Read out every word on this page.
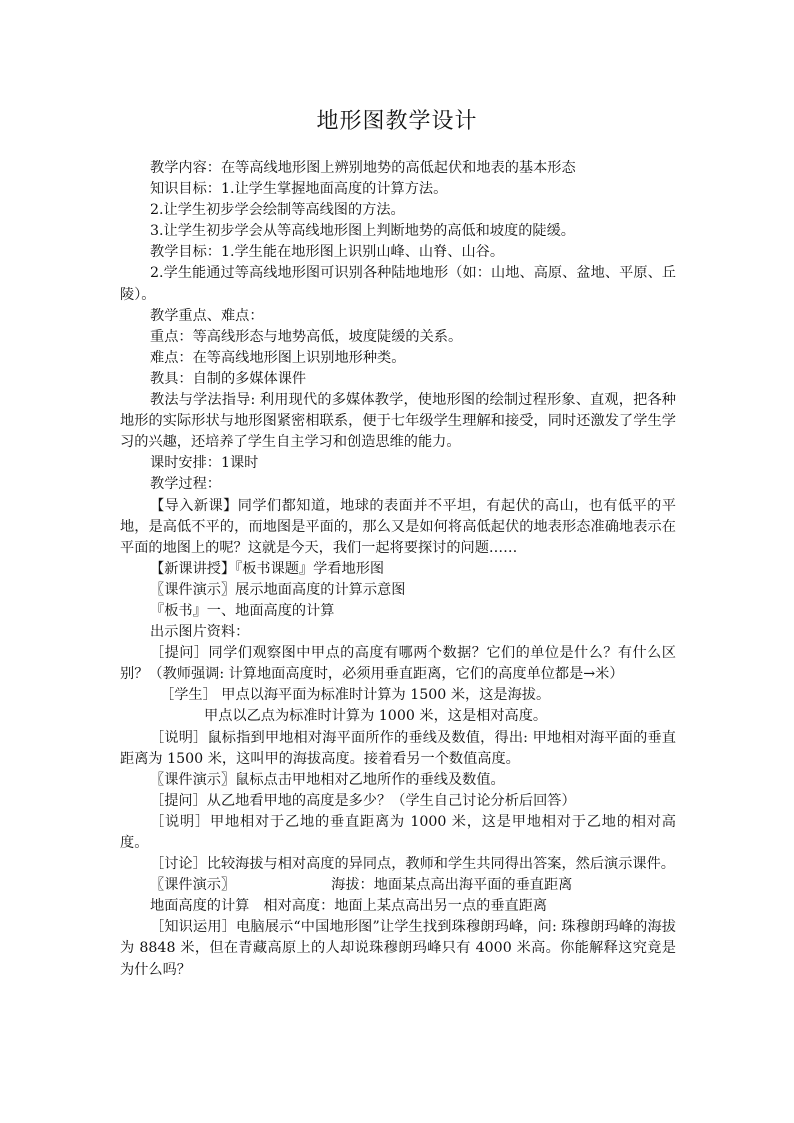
地形图教学设计

教学内容：在等高线地形图上辨别地势的高低起伏和地表的基本形态

知识目标：1.让学生掌握地面高度的计算方法。

2.让学生初步学会绘制等高线图的方法。

3.让学生初步学会从等高线地形图上判断地势的高低和坡度的陡缓。

教学目标：1.学生能在地形图上识别山峰、山脊、山谷。

2.学生能通过等高线地形图可识别各种陆地地形（如：山地、高原、盆地、平原、丘陵）。

教学重点、难点：

重点：等高线形态与地势高低，坡度陡缓的关系。

难点：在等高线地形图上识别地形种类。

教具：自制的多媒体课件

教法与学法指导: 利用现代的多媒体教学，使地形图的绘制过程形象、直观，把各种地形的实际形状与地形图紧密相联系，便于七年级学生理解和接受，同时还激发了学生学习的兴趣，还培养了学生自主学习和创造思维的能力。

课时安排：1课时

教学过程：

【导入新课】同学们都知道，地球的表面并不平坦，有起伏的高山，也有低平的平地，是高低不平的，而地图是平面的，那么又是如何将高低起伏的地表形态准确地表示在平面的地图上的呢？这就是今天，我们一起将要探讨的问题……

【新课讲授】『板书课题』学看地形图

〖课件演示〗展示地面高度的计算示意图

『板书』一、地面高度的计算

出示图片资料：

［提问］同学们观察图中甲点的高度有哪两个数据？它们的单位是什么？有什么区别？（教师强调: 计算地面高度时，必须用垂直距离，它们的高度单位都是→米）

［学生］ 甲点以海平面为标准时计算为 1500 米，这是海拔。

甲点以乙点为标准时计算为 1000 米，这是相对高度。

［说明］鼠标指到甲地相对海平面所作的垂线及数值，得出: 甲地相对海平面的垂直距离为 1500 米，这叫甲的海拔高度。接着看另一个数值高度。

〖课件演示〗鼠标点击甲地相对乙地所作的垂线及数值。

［提问］从乙地看甲地的高度是多少？（学生自己讨论分析后回答）

［说明］甲地相对于乙地的垂直距离为 1000 米，这是甲地相对于乙地的相对高度。

［讨论］比较海拔与相对高度的异同点，教师和学生共同得出答案，然后演示课件。

〖课件演示〗	海拔：地面某点高出海平面的垂直距离

地面高度的计算 相对高度：地面上某点高出另一点的垂直距离

［知识运用］电脑展示“中国地形图”让学生找到珠穆朗玛峰，问: 珠穆朗玛峰的海拔为 8848 米，但在青藏高原上的人却说珠穆朗玛峰只有 4000 米高。你能解释这究竟是为什么吗？
